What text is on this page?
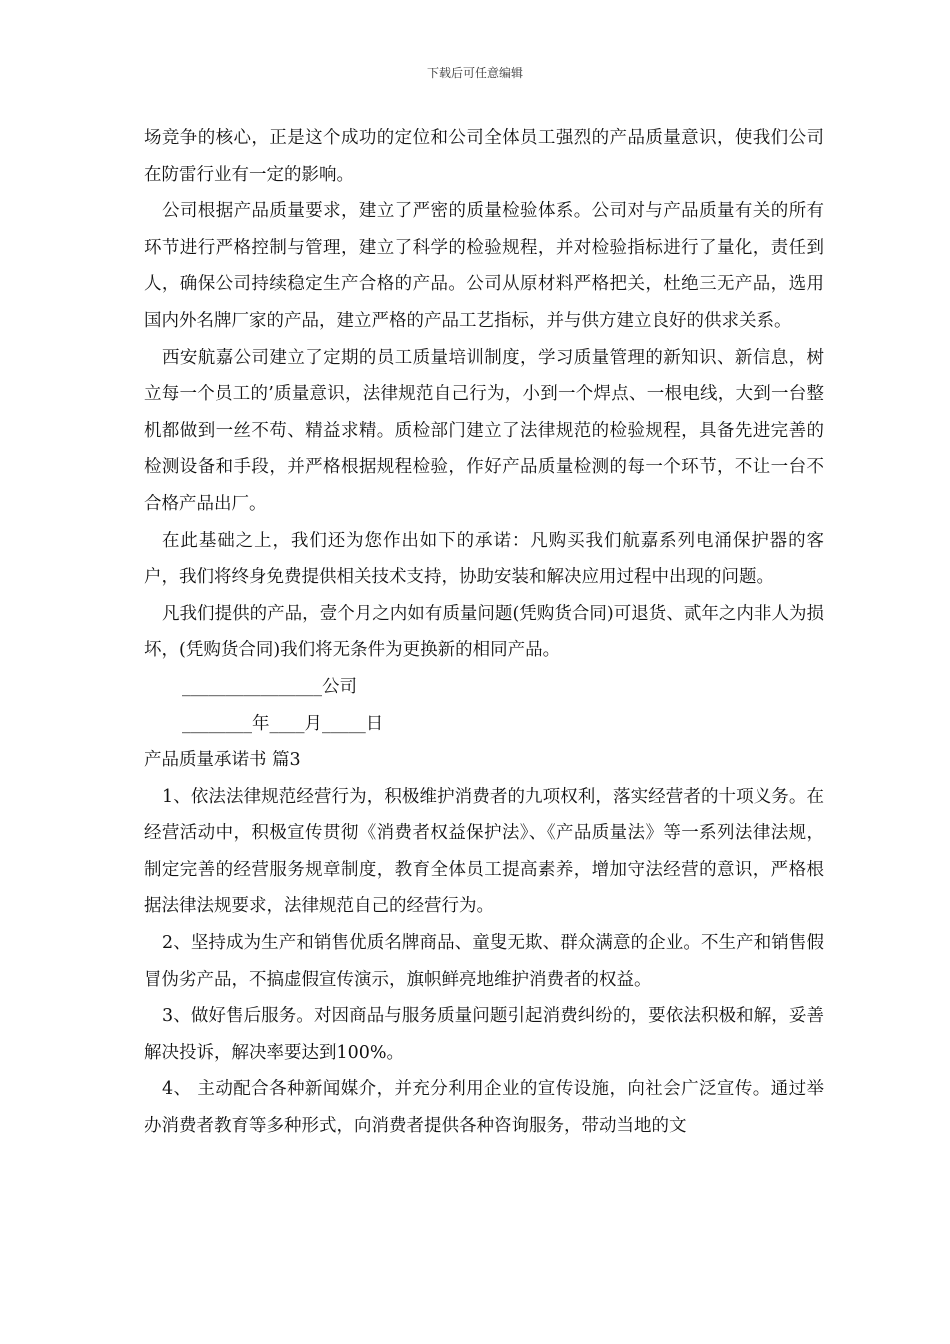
下载后可任意编辑

场竞争的核心，正是这个成功的定位和公司全体员工强烈的产品质量意识，使我们公司在防雷行业有一定的影响。

公司根据产品质量要求，建立了严密的质量检验体系。公司对与产品质量有关的所有环节进行严格控制与管理，建立了科学的检验规程，并对检验指标进行了量化，责任到人，确保公司持续稳定生产合格的产品。公司从原材料严格把关，杜绝三无产品，选用国内外名牌厂家的产品，建立严格的产品工艺指标，并与供方建立良好的供求关系。

西安航嘉公司建立了定期的员工质量培训制度，学习质量管理的新知识、新信息，树立每一个员工的’质量意识，法律规范自己行为，小到一个焊点、一根电线，大到一台整机都做到一丝不苟、精益求精。质检部门建立了法律规范的检验规程，具备先进完善的检测设备和手段，并严格根据规程检验，作好产品质量检测的每一个环节，不让一台不合格产品出厂。

在此基础之上，我们还为您作出如下的承诺：凡购买我们航嘉系列电涌保护器的客户，我们将终身免费提供相关技术支持，协助安装和解决应用过程中出现的问题。

凡我们提供的产品，壹个月之内如有质量问题(凭购货合同)可退货、贰年之内非人为损坏，(凭购货合同)我们将无条件为更换新的相同产品。

________________公司

________年____月_____日

产品质量承诺书 篇3

1、依法法律规范经营行为，积极维护消费者的九项权利，落实经营者的十项义务。在经营活动中，积极宣传贯彻《消费者权益保护法》、《产品质量法》等一系列法律法规，制定完善的经营服务规章制度，教育全体员工提高素养，增加守法经营的意识，严格根据法律法规要求，法律规范自己的经营行为。

2、坚持成为生产和销售优质名牌商品、童叟无欺、群众满意的企业。不生产和销售假冒伪劣产品，不搞虚假宣传演示，旗帜鲜亮地维护消费者的权益。

3、做好售后服务。对因商品与服务质量问题引起消费纠纷的，要依法积极和解，妥善解决投诉，解决率要达到100%。

4、 主动配合各种新闻媒介，并充分利用企业的宣传设施，向社会广泛宣传。通过举办消费者教育等多种形式，向消费者提供各种咨询服务，带动当地的文
